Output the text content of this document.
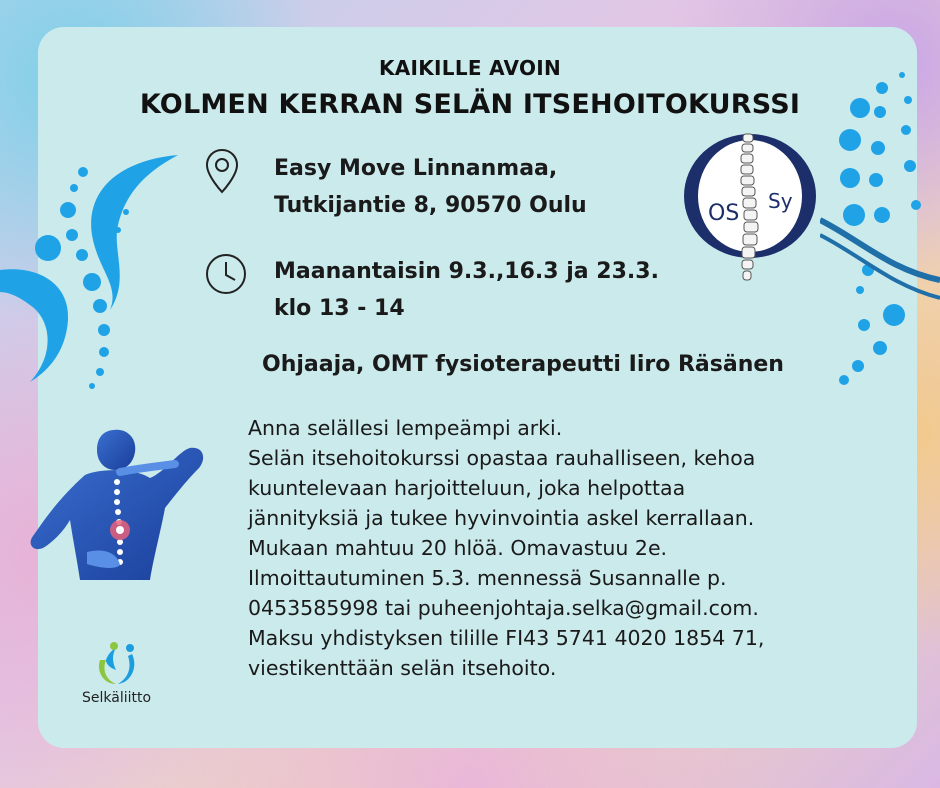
KAIKILLE AVOIN
KOLMEN KERRAN SELÄN ITSEHOITOKURSSI
Easy Move Linnanmaa,
Tutkijantie 8, 90570 Oulu
Maanantaisin 9.3.,16.3 ja 23.3.
klo 13 - 14
OS Sy
Ohjaaja, OMT fysioterapeutti Iiro Räsänen
Anna selällesi lempeämpi arki.
Selän itsehoitokurssi opastaa rauhalliseen, kehoa
kuuntelevaan harjoitteluun, joka helpottaa
jännityksiä ja tukee hyvinvointia askel kerrallaan.
Mukaan mahtuu 20 hlöä. Omavastuu 2e.
Ilmoittautuminen 5.3. mennessä Susannalle p.
0453585998 tai puheenjohtaja.selka@gmail.com.
Maksu yhdistyksen tilille FI43 5741 4020 1854 71,
viestikenttään selän itsehoito.
Selkäliitto
